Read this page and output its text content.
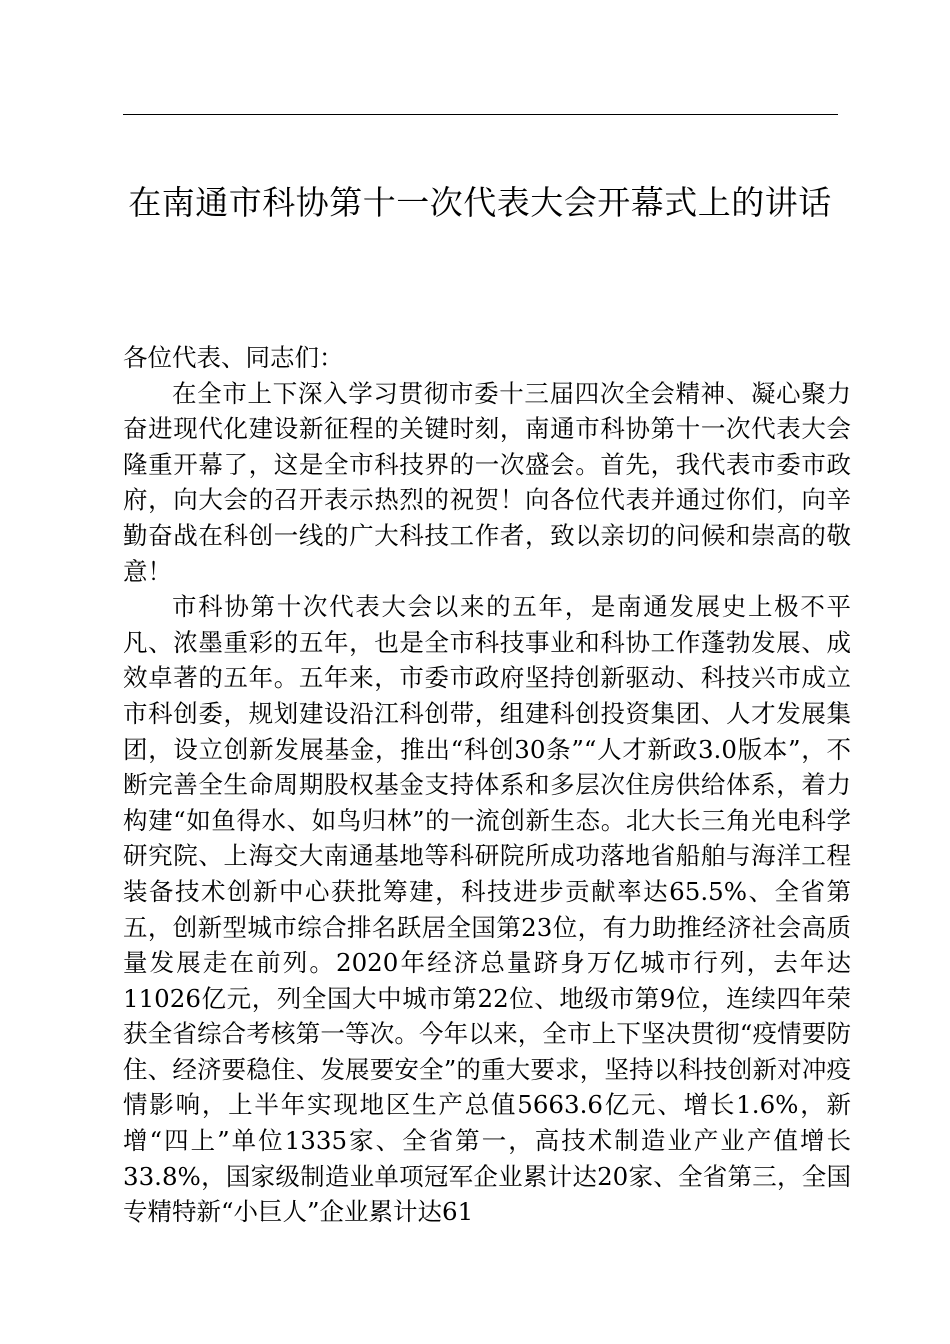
在南通市科协第十一次代表大会开幕式上的讲话

各位代表、同志们：

在全市上下深入学习贯彻市委十三届四次全会精神、凝心聚力奋进现代化建设新征程的关键时刻，南通市科协第十一次代表大会隆重开幕了，这是全市科技界的一次盛会。首先，我代表市委市政府，向大会的召开表示热烈的祝贺！向各位代表并通过你们，向辛勤奋战在科创一线的广大科技工作者，致以亲切的问候和崇高的敬意！

市科协第十次代表大会以来的五年，是南通发展史上极不平凡、浓墨重彩的五年，也是全市科技事业和科协工作蓬勃发展、成效卓著的五年。五年来，市委市政府坚持创新驱动、科技兴市成立市科创委，规划建设沿江科创带，组建科创投资集团、人才发展集团，设立创新发展基金，推出“科创30条”“人才新政3.0版本”，不断完善全生命周期股权基金支持体系和多层次住房供给体系，着力构建“如鱼得水、如鸟归林”的一流创新生态。北大长三角光电科学研究院、上海交大南通基地等科研院所成功落地省船舶与海洋工程装备技术创新中心获批筹建，科技进步贡献率达65.5%、全省第五，创新型城市综合排名跃居全国第23位，有力助推经济社会高质量发展走在前列。2020年经济总量跻身万亿城市行列，去年达11026亿元，列全国大中城市第22位、地级市第9位，连续四年荣获全省综合考核第一等次。今年以来，全市上下坚决贯彻“疫情要防住、经济要稳住、发展要安全”的重大要求，坚持以科技创新对冲疫情影响，上半年实现地区生产总值5663.6亿元、增长1.6%，新增“四上”单位1335家、全省第一，高技术制造业产业产值增长33.8%，国家级制造业单项冠军企业累计达20家、全省第三，全国专精特新“小巨人”企业累计达61
